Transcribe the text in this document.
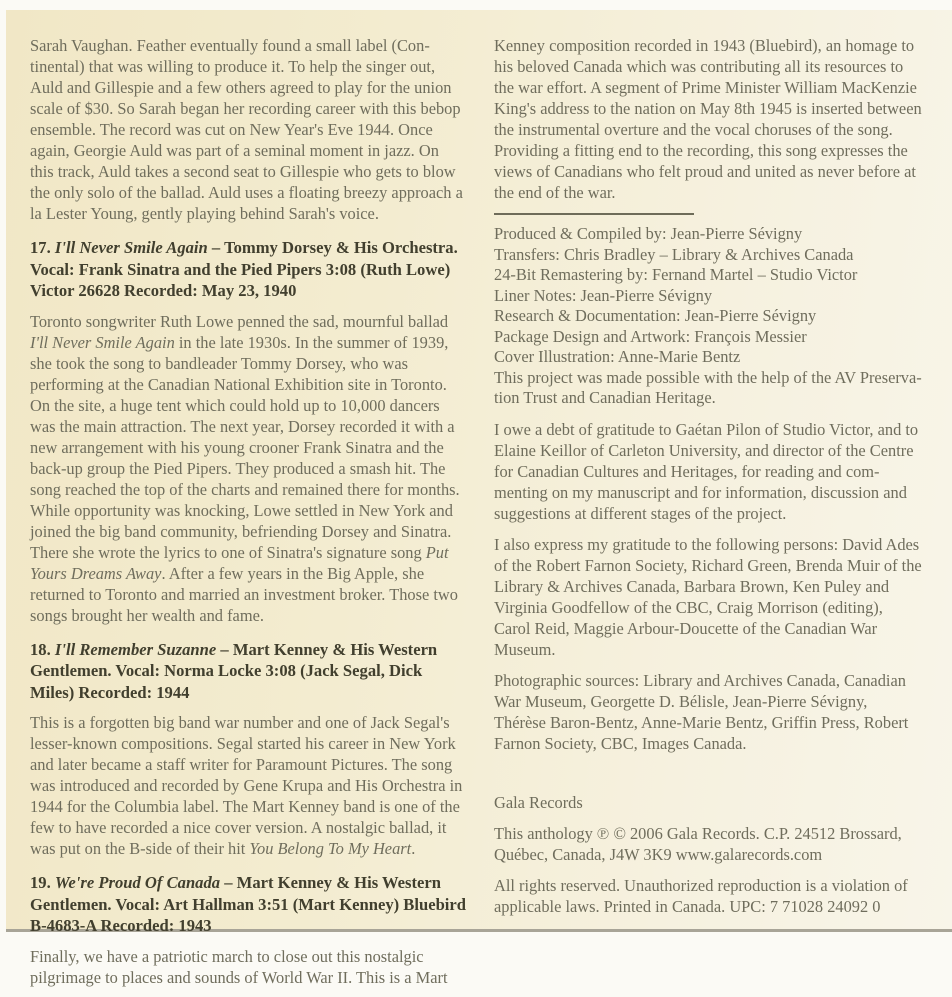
Sarah Vaughan. Feather eventually found a small label (Con-tinental) that was willing to produce it. To help the singer out, Auld and Gillespie and a few others agreed to play for the union scale of $30. So Sarah began her recording career with this bebop ensemble. The record was cut on New Year's Eve 1944. Once again, Georgie Auld was part of a seminal moment in jazz. On this track, Auld takes a second seat to Gillespie who gets to blow the only solo of the ballad. Auld uses a floating breezy approach a la Lester Young, gently playing behind Sarah's voice.

17. I'll Never Smile Again – Tommy Dorsey & His Orchestra. Vocal: Frank Sinatra and the Pied Pipers 3:08 (Ruth Lowe) Victor 26628 Recorded: May 23, 1940

Toronto songwriter Ruth Lowe penned the sad, mournful ballad I'll Never Smile Again in the late 1930s. In the summer of 1939, she took the song to bandleader Tommy Dorsey, who was performing at the Canadian National Exhibition site in Toronto. On the site, a huge tent which could hold up to 10,000 dancers was the main attraction. The next year, Dorsey recorded it with a new arrangement with his young crooner Frank Sinatra and the back-up group the Pied Pipers. They produced a smash hit. The song reached the top of the charts and remained there for months. While opportunity was knocking, Lowe settled in New York and joined the big band community, befriending Dorsey and Sinatra. There she wrote the lyrics to one of Sinatra's signature song Put Yours Dreams Away. After a few years in the Big Apple, she returned to Toronto and married an investment broker. Those two songs brought her wealth and fame.

18. I'll Remember Suzanne – Mart Kenney & His Western Gentlemen. Vocal: Norma Locke 3:08 (Jack Segal, Dick Miles) Recorded: 1944

This is a forgotten big band war number and one of Jack Segal's lesser-known compositions. Segal started his career in New York and later became a staff writer for Paramount Pictures. The song was introduced and recorded by Gene Krupa and His Orchestra in 1944 for the Columbia label. The Mart Kenney band is one of the few to have recorded a nice cover version. A nostalgic ballad, it was put on the B-side of their hit You Belong To My Heart.

19. We're Proud Of Canada – Mart Kenney & His Western Gentlemen. Vocal: Art Hallman 3:51 (Mart Kenney) Bluebird B-4683-A Recorded: 1943

Finally, we have a patriotic march to close out this nostalgic pilgrimage to places and sounds of World War II. This is a Mart

Kenney composition recorded in 1943 (Bluebird), an homage to his beloved Canada which was contributing all its resources to the war effort. A segment of Prime Minister William MacKenzie King's address to the nation on May 8th 1945 is inserted between the instrumental overture and the vocal choruses of the song. Providing a fitting end to the recording, this song expresses the views of Canadians who felt proud and united as never before at the end of the war.

Produced & Compiled by: Jean-Pierre Sévigny

Transfers: Chris Bradley – Library & Archives Canada

24-Bit Remastering by: Fernand Martel – Studio Victor

Liner Notes: Jean-Pierre Sévigny

Research & Documentation: Jean-Pierre Sévigny

Package Design and Artwork: François Messier

Cover Illustration: Anne-Marie Bentz

This project was made possible with the help of the AV Preserva-tion Trust and Canadian Heritage.

I owe a debt of gratitude to Gaétan Pilon of Studio Victor, and to Elaine Keillor of Carleton University, and director of the Centre for Canadian Cultures and Heritages, for reading and com-menting on my manuscript and for information, discussion and suggestions at different stages of the project.

I also express my gratitude to the following persons: David Ades of the Robert Farnon Society, Richard Green, Brenda Muir of the Library & Archives Canada, Barbara Brown, Ken Puley and Virginia Goodfellow of the CBC, Craig Morrison (editing), Carol Reid, Maggie Arbour-Doucette of the Canadian War Museum.

Photographic sources: Library and Archives Canada, Canadian War Museum, Georgette D. Bélisle, Jean-Pierre Sévigny, Thérèse Baron-Bentz, Anne-Marie Bentz, Griffin Press, Robert Farnon Society, CBC, Images Canada.

Gala Records

This anthology ℗ © 2006 Gala Records. C.P. 24512 Brossard, Québec, Canada, J4W 3K9 www.galarecords.com

All rights reserved. Unauthorized reproduction is a violation of applicable laws. Printed in Canada. UPC: 7 71028 24092 0
